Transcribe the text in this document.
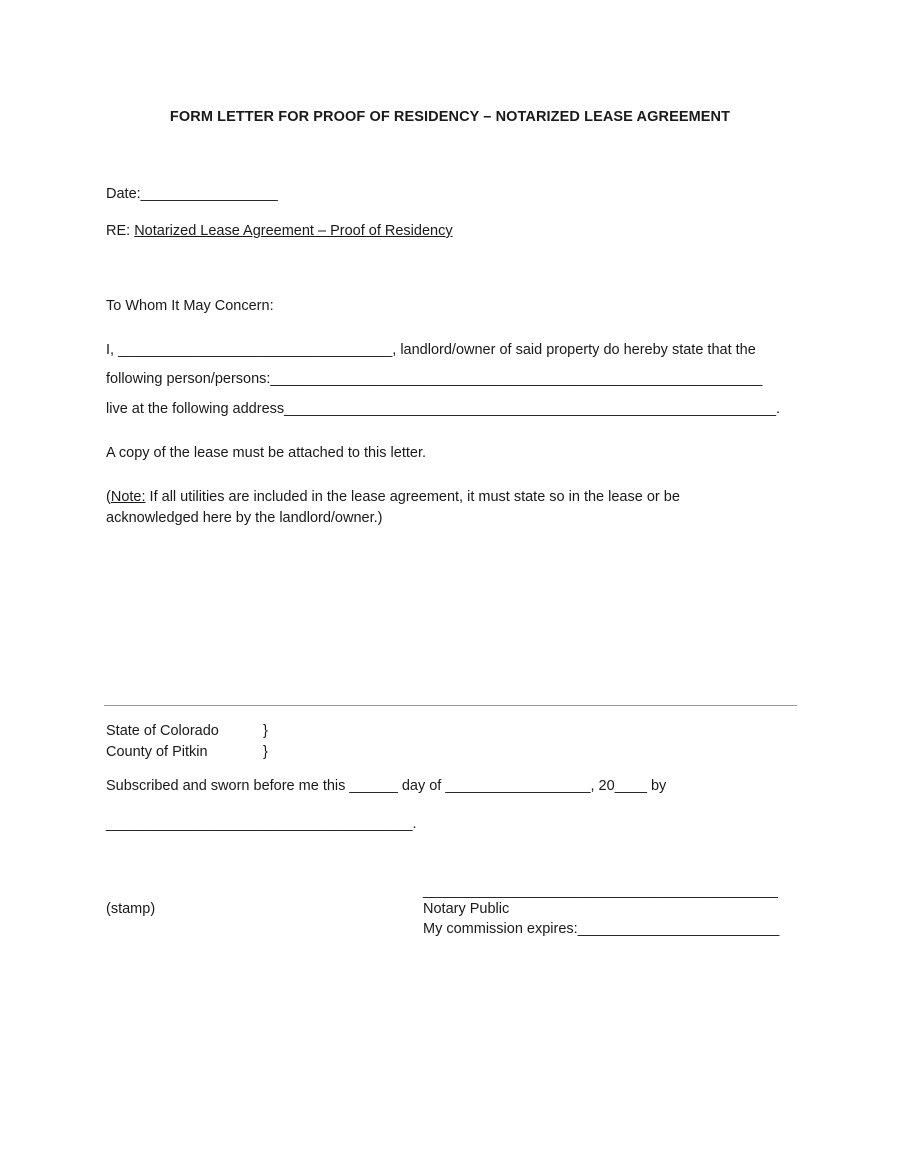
FORM LETTER FOR PROOF OF RESIDENCY – NOTARIZED LEASE AGREEMENT
Date:_________________
RE: Notarized Lease Agreement – Proof of Residency
To Whom It May Concern:
I, __________________________________, landlord/owner of said property do hereby state that the
following person/persons:_____________________________________________________________
live at the following address_____________________________________________________________.
A copy of the lease must be attached to this letter.
(Note: If all utilities are included in the lease agreement, it must state so in the lease or be
acknowledged here by the landlord/owner.)
State of Colorado	}
County of Pitkin	}
Subscribed and sworn before me this ______ day of __________________, 20____ by
______________________________________.
____________________________________________
(stamp)	Notary Public
My commission expires:_________________________
